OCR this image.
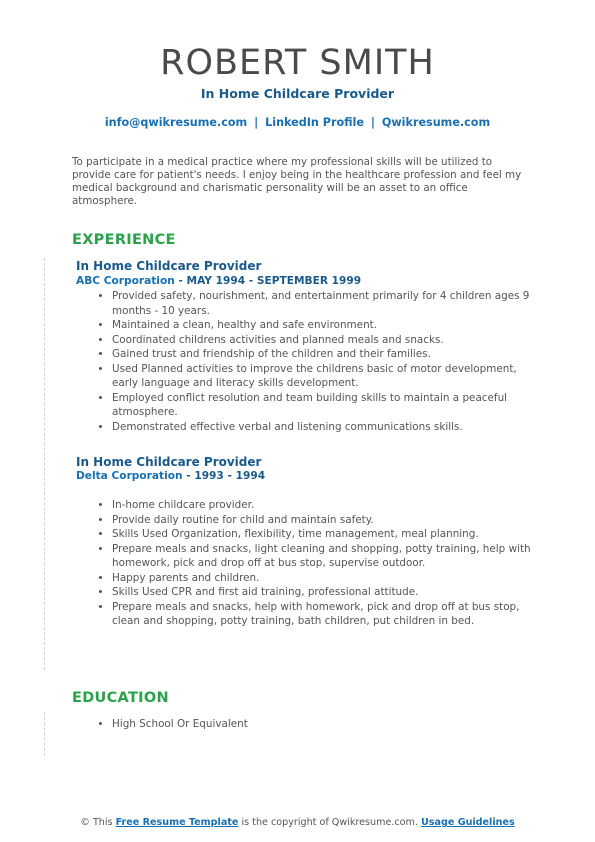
ROBERT SMITH
In Home Childcare Provider
info@qwikresume.com | LinkedIn Profile | Qwikresume.com
To participate in a medical practice where my professional skills will be utilized to provide care for patient's needs. I enjoy being in the healthcare profession and feel my medical background and charismatic personality will be an asset to an office atmosphere.
EXPERIENCE
In Home Childcare Provider
ABC Corporation - MAY 1994 - SEPTEMBER 1999
• Provided safety, nourishment, and entertainment primarily for 4 children ages 9 months - 10 years.
• Maintained a clean, healthy and safe environment.
• Coordinated childrens activities and planned meals and snacks.
• Gained trust and friendship of the children and their families.
• Used Planned activities to improve the childrens basic of motor development, early language and literacy skills development.
• Employed conflict resolution and team building skills to maintain a peaceful atmosphere.
• Demonstrated effective verbal and listening communications skills.
In Home Childcare Provider
Delta Corporation - 1993 - 1994
• In-home childcare provider.
• Provide daily routine for child and maintain safety.
• Skills Used Organization, flexibility, time management, meal planning.
• Prepare meals and snacks, light cleaning and shopping, potty training, help with homework, pick and drop off at bus stop, supervise outdoor.
• Happy parents and children.
• Skills Used CPR and first aid training, professional attitude.
• Prepare meals and snacks, help with homework, pick and drop off at bus stop, clean and shopping, potty training, bath children, put children in bed.
EDUCATION
• High School Or Equivalent
© This Free Resume Template is the copyright of Qwikresume.com. Usage Guidelines
